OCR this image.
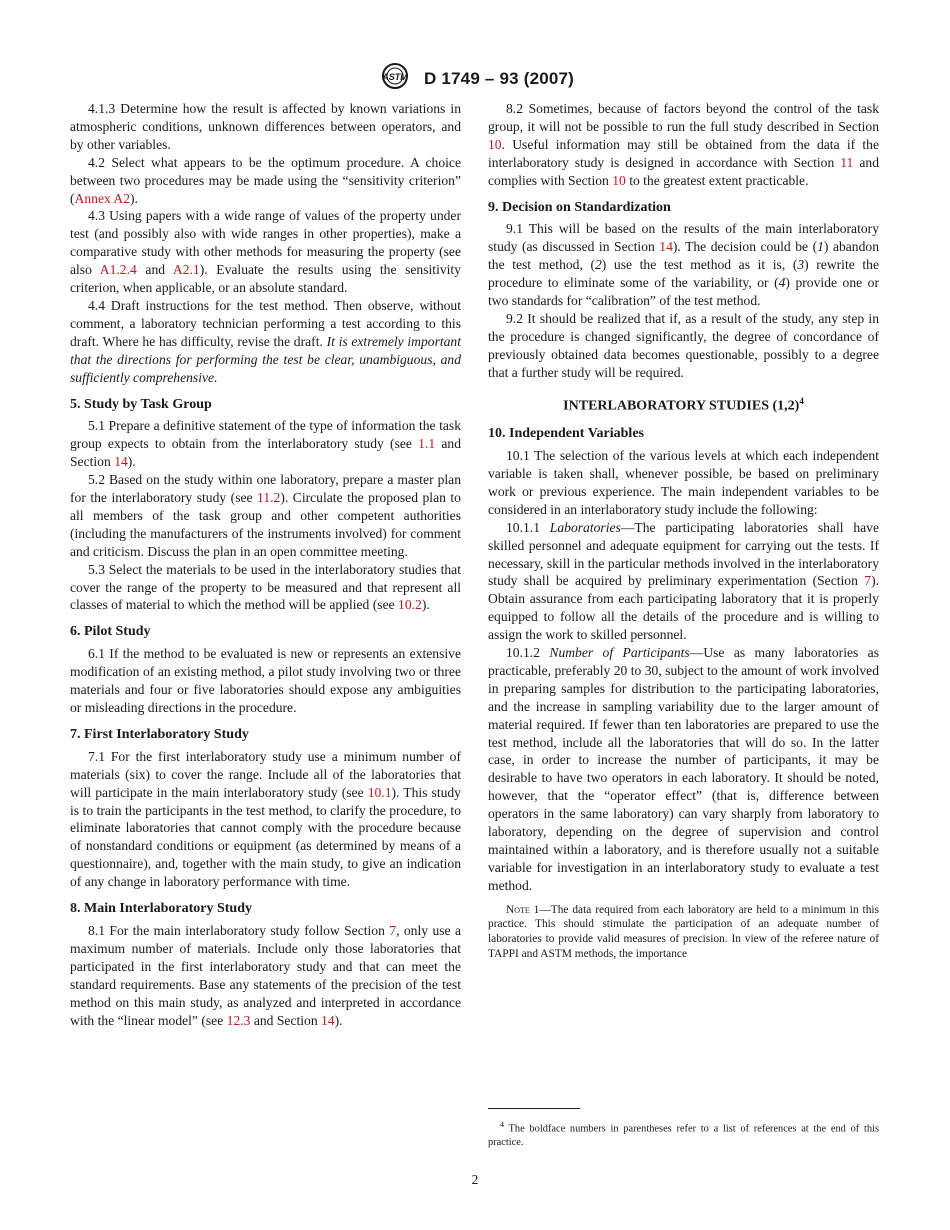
ASTM D 1749 – 93 (2007)

4.1.3 Determine how the result is affected by known variations in atmospheric conditions, unknown differences between operators, and by other variables.

4.2 Select what appears to be the optimum procedure. A choice between two procedures may be made using the “sensitivity criterion” (Annex A2).

4.3 Using papers with a wide range of values of the property under test (and possibly also with wide ranges in other properties), make a comparative study with other methods for measuring the property (see also A1.2.4 and A2.1). Evaluate the results using the sensitivity criterion, when applicable, or an absolute standard.

4.4 Draft instructions for the test method. Then observe, without comment, a laboratory technician performing a test according to this draft. Where he has difficulty, revise the draft. It is extremely important that the directions for performing the test be clear, unambiguous, and sufficiently comprehensive.

5. Study by Task Group

5.1 Prepare a definitive statement of the type of information the task group expects to obtain from the interlaboratory study (see 1.1 and Section 14).

5.2 Based on the study within one laboratory, prepare a master plan for the interlaboratory study (see 11.2). Circulate the proposed plan to all members of the task group and other competent authorities (including the manufacturers of the instruments involved) for comment and criticism. Discuss the plan in an open committee meeting.

5.3 Select the materials to be used in the interlaboratory studies that cover the range of the property to be measured and that represent all classes of material to which the method will be applied (see 10.2).

6. Pilot Study

6.1 If the method to be evaluated is new or represents an extensive modification of an existing method, a pilot study involving two or three materials and four or five laboratories should expose any ambiguities or misleading directions in the procedure.

7. First Interlaboratory Study

7.1 For the first interlaboratory study use a minimum number of materials (six) to cover the range. Include all of the laboratories that will participate in the main interlaboratory study (see 10.1). This study is to train the participants in the test method, to clarify the procedure, to eliminate laboratories that cannot comply with the procedure because of nonstandard conditions or equipment (as determined by means of a questionnaire), and, together with the main study, to give an indication of any change in laboratory performance with time.

8. Main Interlaboratory Study

8.1 For the main interlaboratory study follow Section 7, only use a maximum number of materials. Include only those laboratories that participated in the first interlaboratory study and that can meet the standard requirements. Base any statements of the precision of the test method on this main study, as analyzed and interpreted in accordance with the “linear model” (see 12.3 and Section 14).

8.2 Sometimes, because of factors beyond the control of the task group, it will not be possible to run the full study described in Section 10. Useful information may still be obtained from the data if the interlaboratory study is designed in accordance with Section 11 and complies with Section 10 to the greatest extent practicable.

9. Decision on Standardization

9.1 This will be based on the results of the main interlaboratory study (as discussed in Section 14). The decision could be (1) abandon the test method, (2) use the test method as it is, (3) rewrite the procedure to eliminate some of the variability, or (4) provide one or two standards for “calibration” of the test method.

9.2 It should be realized that if, as a result of the study, any step in the procedure is changed significantly, the degree of concordance of previously obtained data becomes questionable, possibly to a degree that a further study will be required.

INTERLABORATORY STUDIES $(1,2)^4$
10. Independent Variables

10.1 The selection of the various levels at which each independent variable is taken shall, whenever possible, be based on preliminary work or previous experience. The main independent variables to be considered in an interlaboratory study include the following:

10.1.1 Laboratories—The participating laboratories shall have skilled personnel and adequate equipment for carrying out the tests. If necessary, skill in the particular methods involved in the interlaboratory study shall be acquired by preliminary experimentation (Section 7). Obtain assurance from each participating laboratory that it is properly equipped to follow all the details of the procedure and is willing to assign the work to skilled personnel.

10.1.2 Number of Participants—Use as many laboratories as practicable, preferably 20 to 30, subject to the amount of work involved in preparing samples for distribution to the participating laboratories, and the increase in sampling variability due to the larger amount of material required. If fewer than ten laboratories are prepared to use the test method, include all the laboratories that will do so. In the latter case, in order to increase the number of participants, it may be desirable to have two operators in each laboratory. It should be noted, however, that the “operator effect” (that is, difference between operators in the same laboratory) can vary sharply from laboratory to laboratory, depending on the degree of supervision and control maintained within a laboratory, and is therefore usually not a suitable variable for investigation in an interlaboratory study to evaluate a test method.

Note 1—The data required from each laboratory are held to a minimum in this practice. This should stimulate the participation of an adequate number of laboratories to provide valid measures of precision. In view of the referee nature of TAPPI and ASTM methods, the importance

$^4$ The boldface numbers in parentheses refer to a list of references at the end of this practice.

2
